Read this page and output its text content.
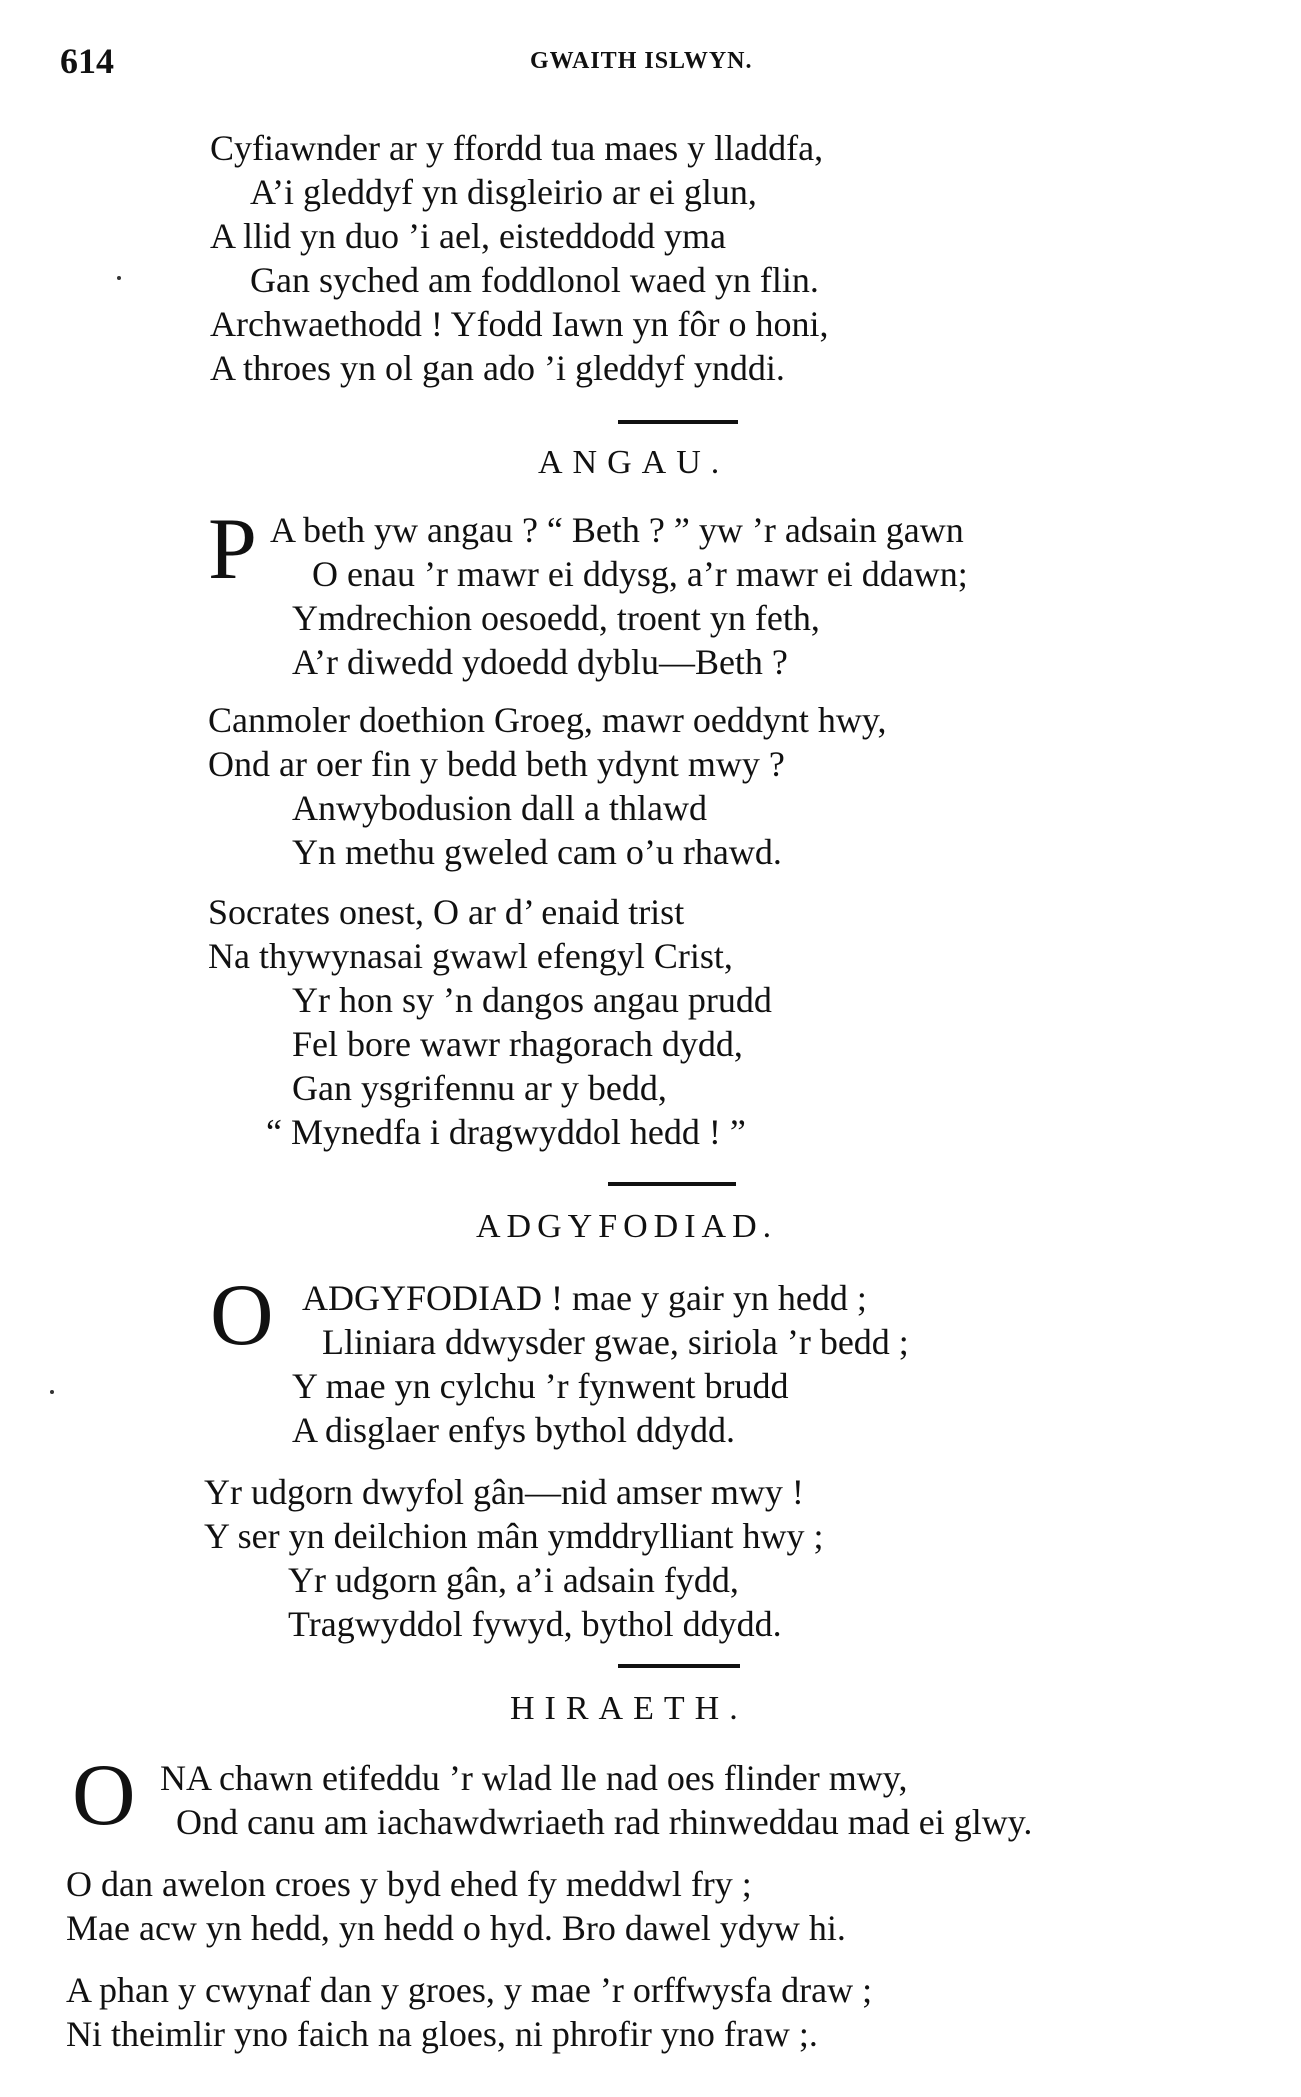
614	GWAITH ISLWYN.
Cyfiawnder ar y ffordd tua maes y lladdfa,
A’i gleddyf yn disgleirio ar ei glun,
A llid yn duo ’i ael, eisteddodd yma
Gan syched am foddlonol waed yn flin.
Archwaethodd ! Yfodd Iawn yn fôr o honi,
A throes yn ol gan ado ’i gleddyf ynddi.
ANGAU.
P A beth yw angau ? “ Beth ? ” yw ’r adsain gawn
O enau ’r mawr ei ddysg, a’r mawr ei ddawn;
Ymdrechion oesoedd, troent yn feth,
A’r diwedd ydoedd dyblu—Beth ?
Canmoler doethion Groeg, mawr oeddynt hwy,
Ond ar oer fin y bedd beth ydynt mwy ?
Anwybodusion dall a thlawd
Yn methu gweled cam o’u rhawd.
Socrates onest, O ar d’ enaid trist
Na thywynasai gwawl efengyl Crist,
Yr hon sy ’n dangos angau prudd
Fel bore wawr rhagorach dydd,
Gan ysgrifennu ar y bedd,
“ Mynedfa i dragwyddol hedd ! ”
ADGYFODIAD.
O ADGYFODIAD ! mae y gair yn hedd ;
Lliniara ddwysder gwae, siriola ’r bedd ;
Y mae yn cylchu ’r fynwent brudd
A disglaer enfys bythol ddydd.
Yr udgorn dwyfol gân—nid amser mwy !
Y ser yn deilchion mân ymddrylliant hwy ;
Yr udgorn gân, a’i adsain fydd,
Tragwyddol fywyd, bythol ddydd.
HIRAETH.
O NA chawn etifeddu ’r wlad lle nad oes flinder mwy,
Ond canu am iachawdwriaeth rad rhinweddau mad ei glwy.
O dan awelon croes y byd ehed fy meddwl fry ;
Mae acw yn hedd, yn hedd o hyd. Bro dawel ydyw hi.
A phan y cwynaf dan y groes, y mae ’r orffwysfa draw ;
Ni theimlir yno faich na gloes, ni phrofir yno fraw ;.
